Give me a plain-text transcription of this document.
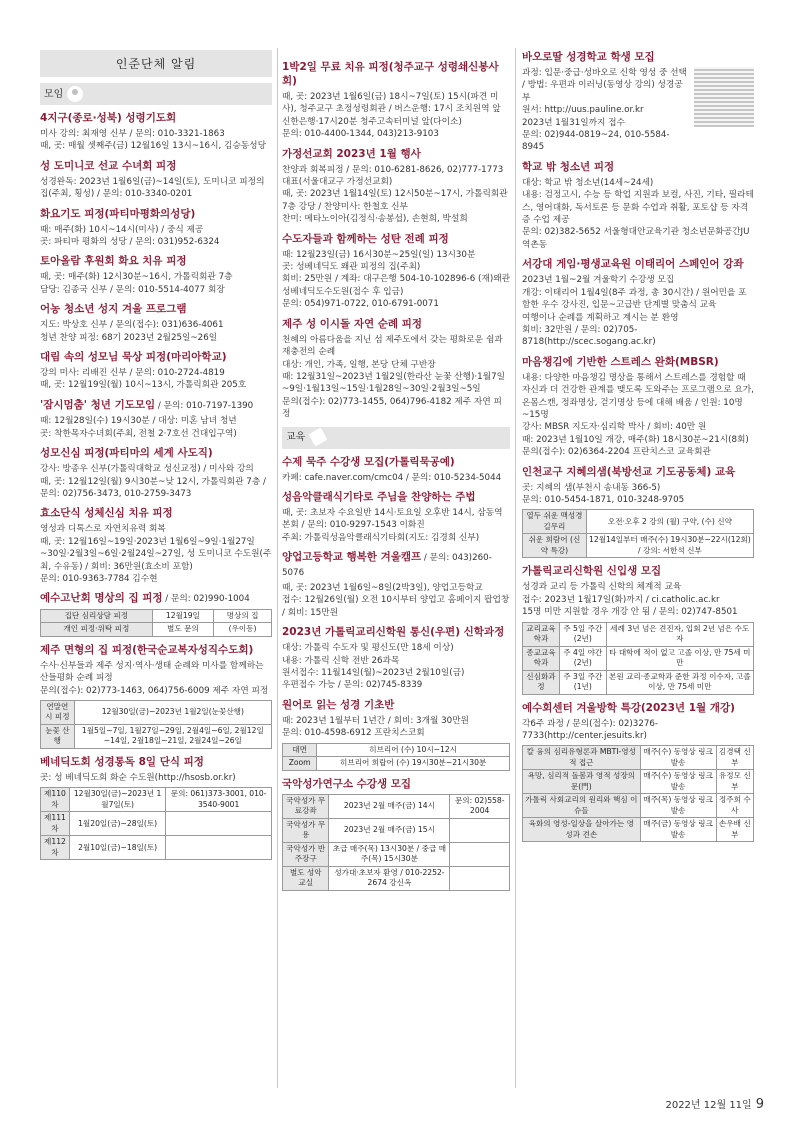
인준단체 알림
모임
4지구(종로·성북) 성령기도회
미사 강의: 최재영 신부 / 문의: 010-3321-1863
때, 곳: 매월 셋째주(금) 12월16일 13시~16시, 김승동성당
성 도미니코 선교 수녀회 피정
성경완독: 2023년 1월6일(금)~14일(토), 도미니코 피정의 집(주최, 횡성) / 문의: 010-3340-0201
화요기도 피정(파티마평화의성당)
때: 매주(화) 10시~14시(미사) / 중식 제공
곳: 파티마 평화의 성당 / 문의: 031)952-6324
토아올람 후원회 화요 치유 피정
때, 곳: 매주(화) 12시30분~16시, 가톨릭회관 7층
담당: 김종국 신부 / 문의: 010-5514-4077 회장
어농 청소년 성지 겨울 프로그램
지도: 박상호 신부 / 문의(접수): 031)636-4061
청년 찬양 피정: 68기 2023년 2월25일~26일
대림 속의 성모님 묵상 피정(마리아학교)
강의 미사: 리배진 신부 / 문의: 010-2724-4819
때, 곳: 12월19일(월) 10시~13시, 가톨릭회관 205호
'잠시멈춤' 청년 기도모임 / 문의: 010-7197-1390
때: 12월28일(수) 19시30분 / 대상: 미혼 남녀 청년
곳: 착한목자수녀회(주최, 전철 2·7호선 건대입구역)
성모신심 피정(파티마의 세계 사도직)
강사: 방종우 신부(가톨릭대학교 성신교정) / 미사와 강의
때, 곳: 12월12일(월) 9시30분~낮 12시, 가톨릭회관 7층 / 문의: 02)756-3473, 010-2759-3473
효소단식 성체신심 치유 피정
영성과 디톡스로 자연치유력 회복
때, 곳: 12월16일~19일·2023년 1월6일~9일·1월27일~30일·2월3일~6일·2월24일~27일, 성 도미니코 수도원(주최, 수유동) / 회비: 36만원(효소비 포함)
문의: 010-9363-7784 김수현
예수고난회 명상의 집 피정 / 문의: 02)990-1004
집단 심리상담 피정	12월19일	명상의 집
개인 피정·위탁 피정	별도 문의	(우이동)
제주 면형의 집 피정(한국순교복자성직수도회)
수사·신부들과 제주 성지·역사·생태 순례와 미사를 함께하는 산들평화 순례 피정
문의(접수): 02)773-1463, 064)756-6009 제주 자연 피정
연말연시 피정	12월30일(금)~2023년 1월2일(눈꽃산행)
눈꽃 산행	1월5일~7일, 1월27일~29일, 2월4일~6일, 2월12일~14일, 2월18일~21일, 2월24일~26일
베네딕도회 성경통독 8일 단식 피정
곳: 성 베네딕도회 화순 수도원(http://hsosb.or.kr)
제110차	12월30일(금)~2023년 1월7일(토)	문의: 061)373-3001, 010-3540-9001
제111차	1월20일(금)~28일(토)	
제112차	2월10일(금)~18일(토)	
1박2일 무료 치유 피정(청주교구 성령쇄신봉사회)
때, 곳: 2023년 1월6일(금) 18시~7일(토) 15시(파견 미사), 청주교구 초정성령회관 / 버스운행: 17시 조치원역 앞 신한은행·17시20분 청주고속터미널 앞(다이소)
문의: 010-4400-1344, 043)213-9103
가정선교회 2023년 1월 행사
찬양과 회복피정 / 문의: 010-6281-8626, 02)777-1773 대표(서울대교구 가정선교회)
때, 곳: 2023년 1월14일(토) 12시50분~17시, 가톨릭회관 7층 강당 / 찬양미사: 한철호 신부
찬미: 메타노이아(김정식·송봉섭), 손현희, 박설희
수도자들과 함께하는 성탄 전례 피정
때: 12월23일(금) 16시30분~25일(일) 13시30분
곳: 성베네딕도 왜관 피정의 집(주최)
회비: 25만원 / 계좌: 대구은행 504-10-102896-6 (재)왜관성베네딕도수도원(접수 후 입금)
문의: 054)971-0722, 010-6791-0071
제주 성 이시돌 자연 순례 피정
천혜의 아름다움을 지닌 섬 제주도에서 갖는 평화로운 쉼과 재충전의 순례
대상: 개인, 가족, 일행, 본당 단체 구반장
때: 12월31일~2023년 1월2일(한라산 눈꽃 산행)·1월7일~9일·1월13일~15일·1월28일~30일·2월3일~5일
문의(접수): 02)773-1455, 064)796-4182 제주 자연 피정
교육
수제 묵주 수강생 모집(가톨릭묵공예)
카페: cafe.naver.com/cmc04 / 문의: 010-5234-5044
성음악클래식기타로 주님을 찬양하는 주법
때, 곳: 초보자 수요일반 14시·토요일 오후반 14시, 삼동역 본회 / 문의: 010-9297-1543 이화진
주최: 가톨릭성음악클래식기타회(지도: 김경희 신부)
양업고등학교 행복한 겨울캠프 / 문의: 043)260-5076
때, 곳: 2023년 1월6일~8일(2박3일), 양업고등학교
접수: 12월26일(월) 오전 10시부터 양업고 홈페이지 팝업창 / 회비: 15만원
2023년 가톨릭교리신학원 통신(우편) 신학과정
대상: 가톨릭 수도자 및 평신도(만 18세 이상)
내용: 가톨릭 신학 전반 26과목
원서접수: 11월14일(월)~2023년 2월10일(금)
우편접수 가능 / 문의: 02)745-8339
원어로 읽는 성경 기초반
때: 2023년 1월부터 1년간 / 회비: 3개월 30만원
문의: 010-4598-6912 프란치스코회
대면	히브리어 (수) 10시~12시
Zoom	히브리어 희랍어 (수) 19시30분~21시30분
국악성가연구소 수강생 모집
국악성가 무료강좌	2023년 2월 매주(금) 14시	문의: 02)558-2004
국악성가 무용	2023년 2월 매주(금) 15시	
국악성가 반주장구	초급 매주(목) 13시30분 / 중급 매주(목) 15시30분	
별도 성악 교실	성가대·초보자 환영 / 010-2252-2674 강신옥	
바오로딸 성경학교 학생 모집
과정: 입문·중급·성바오로 신학 영성 중 선택 / 방법: 우편과 이러닝(동영상 강의) 성경공부
원서: http://uus.pauline.or.kr
2023년 1월31일까지 접수
문의: 02)944-0819~24, 010-5584-8945
학교 밖 청소년 피정
대상: 학교 밖 청소년(14세~24세)
내용: 검정고시, 수능 등 학업 지원과 보컬, 사진, 기타, 필라테스, 영어대화, 독서토론 등 문화 수업과 취활, 포토샵 등 자격증 수업 제공
문의: 02)382-5652 서울형대안교육기관 청소년문화공간JU역촌동
서강대 게임·평생교육원 이태리어 스페인어 강좌
2023년 1월~2월 겨울학기 수강생 모집
개강: 이태리어 1월4일(8주 과정, 총 30시간) / 원어민을 포함한 우수 강사진, 입문~고급반 단계별 맞춤식 교육
여행이나 순례를 계획하고 계시는 분 환영
회비: 32만원 / 문의: 02)705-8718(http://scec.sogang.ac.kr)
마음챙김에 기반한 스트레스 완화(MBSR)
내용: 다양한 마음챙김 명상을 통해서 스트레스를 경험할 때 자신과 더 건강한 관계를 맺도록 도와주는 프로그램으로 요가, 온몸스캔, 정좌명상, 걷기명상 등에 대해 배움 / 인원: 10명~15명
강사: MBSR 지도자·심리학 박사 / 회비: 40만 원
때: 2023년 1월10일 개강, 매주(화) 18시30분~21시(8회)
문의(접수): 02)6364-2204 프란치스코 교육회관
인천교구 지혜의샘(북방선교 기도공동체) 교육
곳: 지혜의 샘(부천시 송내동 366-5)
문의: 010-5454-1871, 010-3248-9705
열두 쉬운 맥성경 길무리	오전·오후 2 강의 (월) 구약, (수) 신약
쉬운 희람어 (신약 특강)	12월14일부터 매주(수) 19시30분~22시(12회) / 강의: 서한석 신부
가톨릭교리신학원 신입생 모집
성경과 교리 등 가톨릭 신학의 체계적 교육
접수: 2023년 1월17일(화)까지 / ci.catholic.ac.kr
15명 미만 지원할 경우 개강 안 됨 / 문의: 02)747-8501
교리교육학과	주 5일 주간(2년)	세례 3년 넘은 견진자, 입회 2년 넘은 수도자
종교교육학과	주 4일 야간(2년)	타 대학에 적이 없고 고졸 이상, 만 75세 미만
신심화과정	주 3일 주간(1년)	본원 교리·종교학과 준한 과정 이수자, 고졸 이상, 만 75세 미만
예수회센터 겨울방학 특강(2023년 1월 개강)
각6주 과정 / 문의(접수): 02)3276-7733(http://center.jesuits.kr)
칼 융의 심리유형론과 MBTI-영성적 접근	매주(수) 동영상 링크 발송	김경택 신부
욕망, 심리적 돌봄과 영적 성장의 문(門)	매주(수) 동영상 링크 발송	유정모 신부
가톨릭 사회교리의 원리와 핵심 이슈들	매주(목) 동영상 링크 발송	정주희 수사
육화의 영성-일상을 살아가는 영성과 견손	매주(금) 동영상 링크 발송	손우배 신부
2022년 12월 11일 9
